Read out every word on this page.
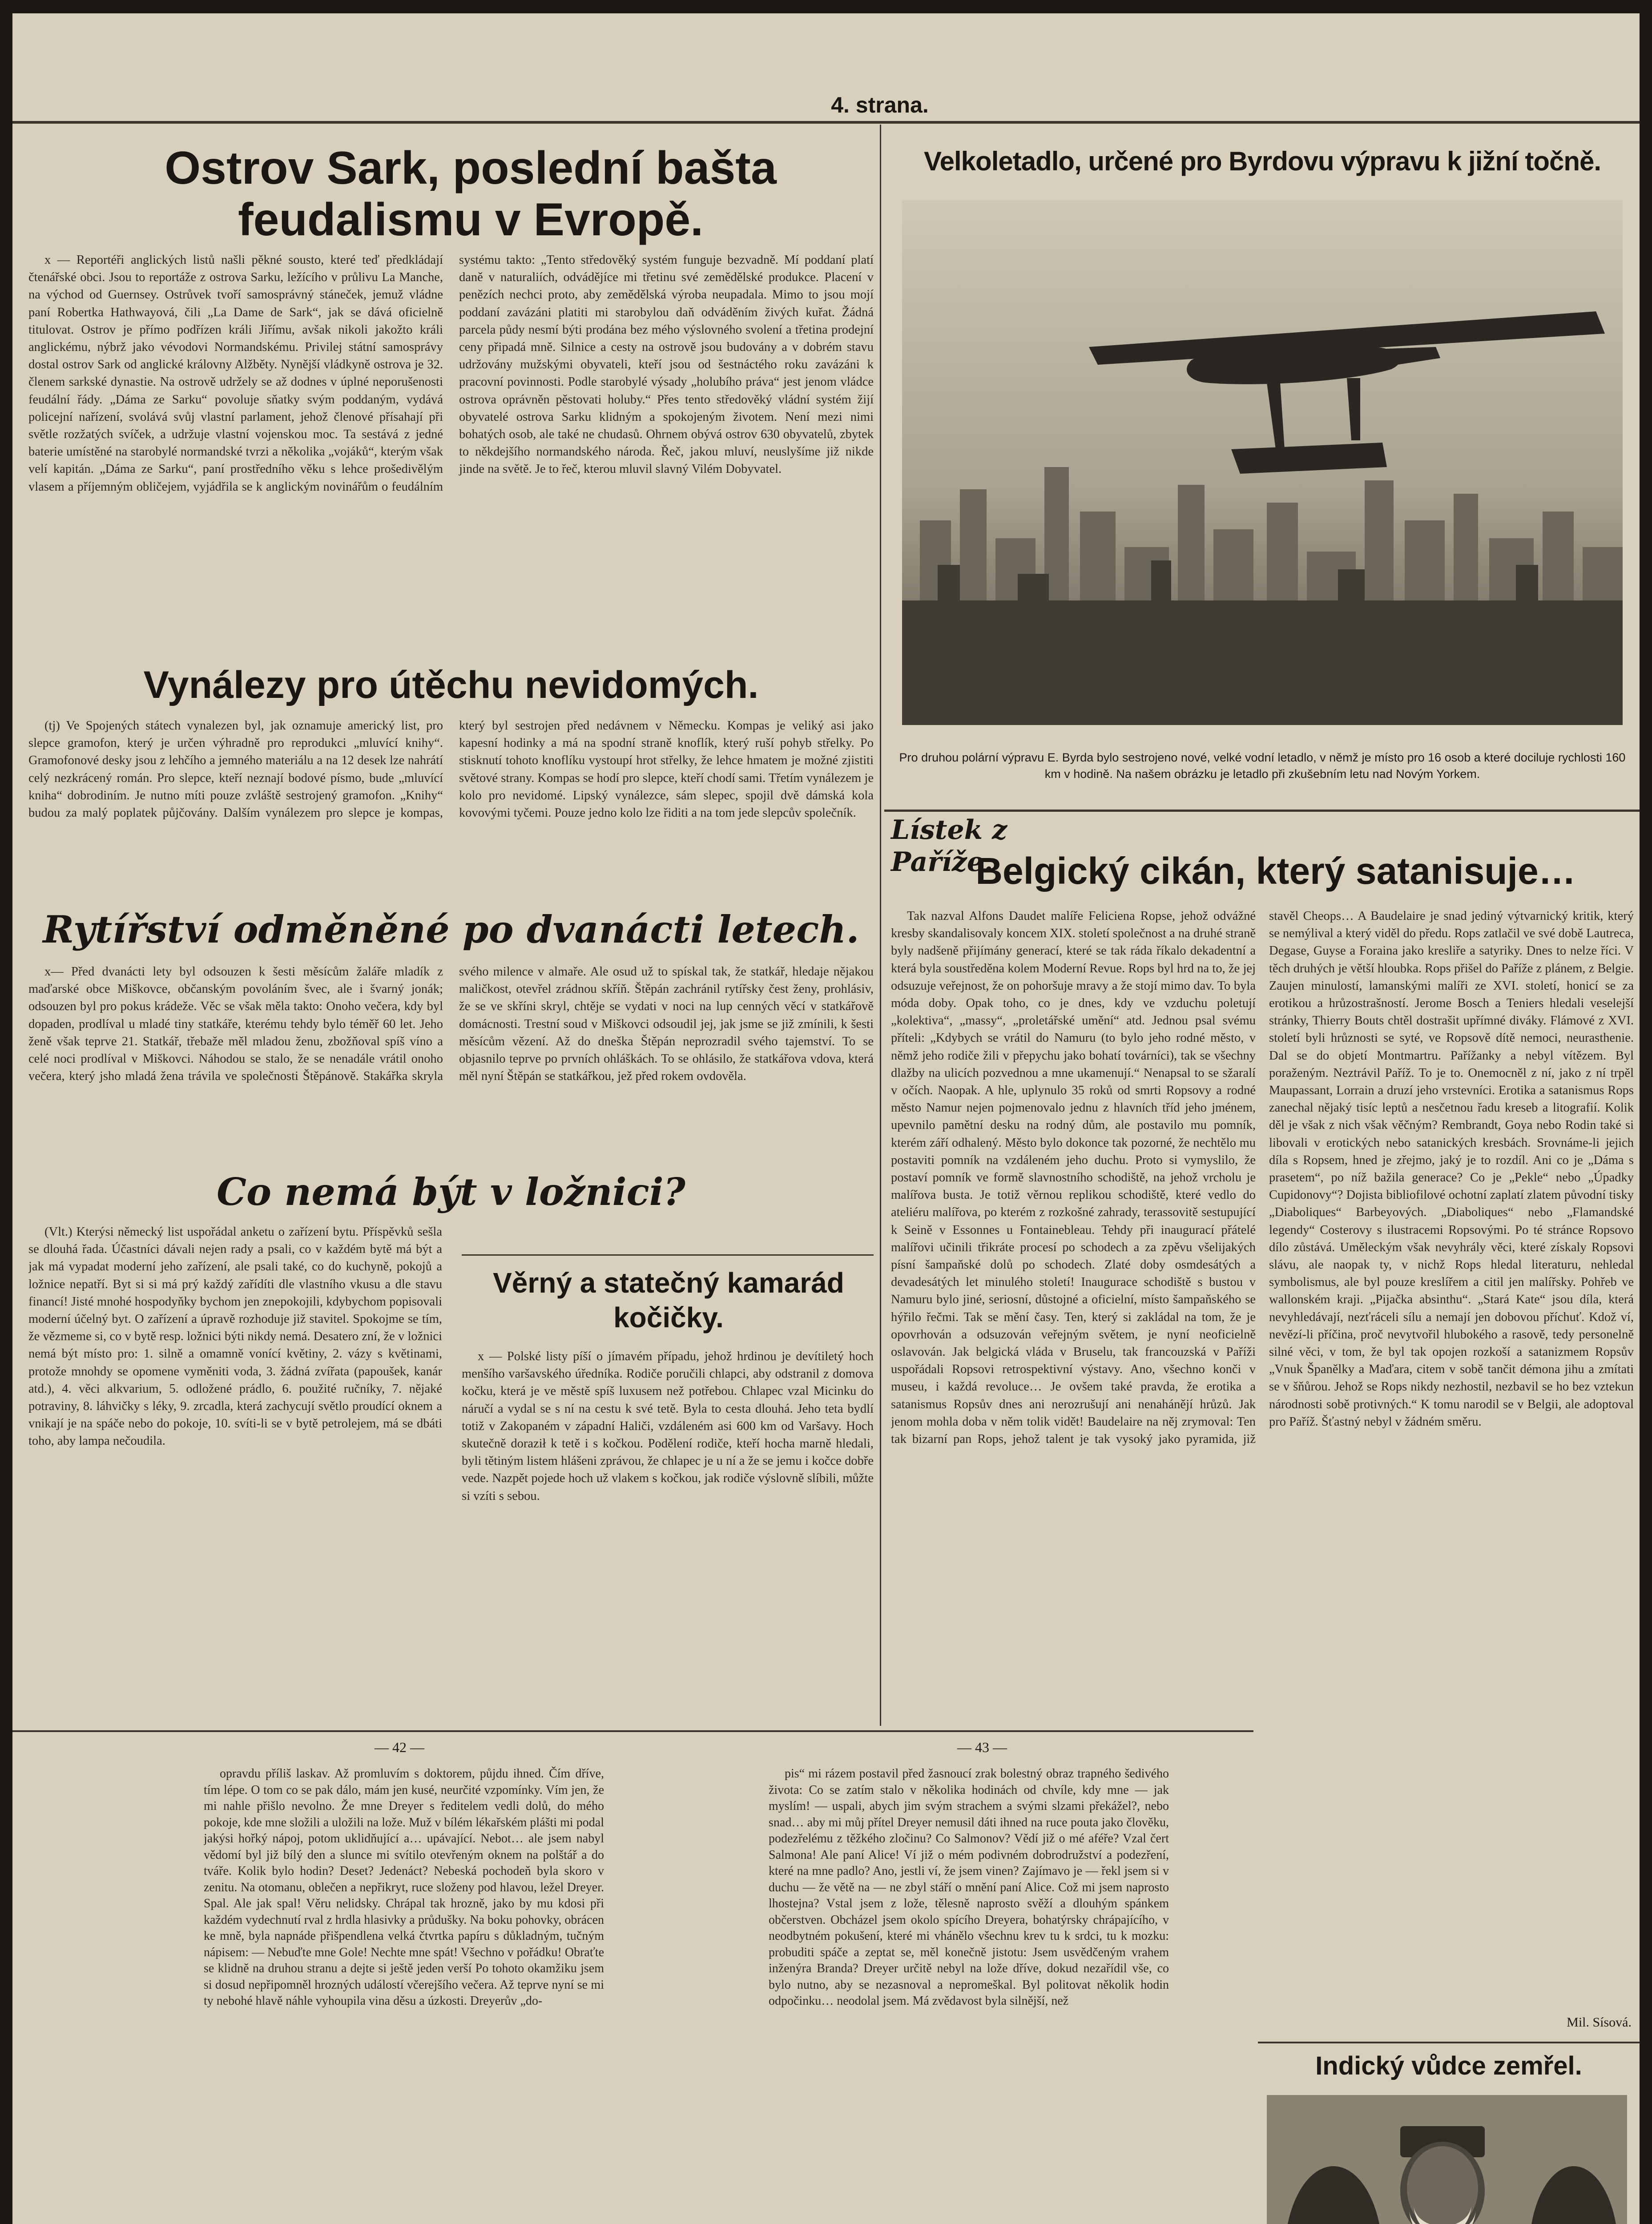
4. strana.
Ostrov Sark, poslední bašta feudalismu v Evropě.

x — Reportéři anglických listů našli pěkné sousto, které teď předkládají čtenářské obci. Jsou to reportáže z ostrova Sarku, ležícího v průlivu La Manche, na východ od Guernsey. Ostrůvek tvoří samosprávný stáneček, jemuž vládne paní Robertka Hathwayová, čili „La Dame de Sark“, jak se dává oficielně titulovat. Ostrov je přímo podřízen králi Jiřímu, avšak nikoli jakožto králi anglickému, nýbrž jako vévodovi Normandskému. Privilej státní samosprávy dostal ostrov Sark od anglické královny Alžběty. Nynější vládkyně ostrova je 32. členem sarkské dynastie. Na ostrově udržely se až dodnes v úplné neporušenosti feudální řády. „Dáma ze Sarku“ povoluje sňatky svým poddaným, vydává policejní nařízení, svolává svůj vlastní parlament, jehož členové přísahají při světle rozžatých svíček, a udržuje vlastní vojenskou moc. Ta sestává z jedné baterie umístěné na starobylé normandské tvrzi a několika „vojáků“, kterým však velí kapitán. „Dáma ze Sarku“, paní prostředního věku s lehce prošedivělým vlasem a příjemným obličejem, vyjádřila se k anglickým novinářům o feudálním systému takto: „Tento středověký systém funguje bezvadně. Mí poddaní platí daně v naturaliích, odvádějíce mi třetinu své zemědělské produkce. Placení v penězích nechci proto, aby zemědělská výroba neupadala. Mimo to jsou mojí poddaní zavázáni platiti mi starobylou daň odváděním živých kuřat. Žádná parcela půdy nesmí býti prodána bez mého výslovného svolení a třetina prodejní ceny připadá mně. Silnice a cesty na ostrově jsou budovány a v dobrém stavu udržovány mužskými obyvateli, kteří jsou od šestnáctého roku zavázáni k pracovní povinnosti. Podle starobylé výsady „holubího práva“ jest jenom vládce ostrova oprávněn pěstovati holuby.“ Přes tento středověký vládní systém žijí obyvatelé ostrova Sarku klidným a spokojeným životem. Není mezi nimi bohatých osob, ale také ne chudasů. Ohrnem obývá ostrov 630 obyvatelů, zbytek to někdejšího normandského národa. Řeč, jakou mluví, neuslyšíme již nikde jinde na světě. Je to řeč, kterou mluvil slavný Vilém Dobyvatel.

Vynálezy pro útěchu nevidomých.

(tj) Ve Spojených státech vynalezen byl, jak oznamuje americký list, pro slepce gramofon, který je určen výhradně pro reprodukci „mluvící knihy“. Gramofonové desky jsou z lehčího a jemného materiálu a na 12 desek lze nahrátí celý nezkrácený román. Pro slepce, kteří neznají bodové písmo, bude „mluvící kniha“ dobrodiním. Je nutno míti pouze zvláště sestrojený gramofon. „Knihy“ budou za malý poplatek půjčovány. Dalším vynálezem pro slepce je kompas, který byl sestrojen před nedávnem v Německu. Kompas je veliký asi jako kapesní hodinky a má na spodní straně knoflík, který ruší pohyb střelky. Po stisknutí tohoto knoflíku vystoupí hrot střelky, že lehce hmatem je možné zjistiti světové strany. Kompas se hodí pro slepce, kteří chodí sami. Třetím vynálezem je kolo pro nevidomé. Lipský vynálezce, sám slepec, spojil dvě dámská kola kovovými tyčemi. Pouze jedno kolo lze řiditi a na tom jede slepcův společník.

Rytířství odměněné po dvanácti letech.

x— Před dvanácti lety byl odsouzen k šesti měsícům žaláře mladík z maďarské obce Miškovce, občanským povoláním švec, ale i švarný jonák; odsouzen byl pro pokus krádeže. Věc se však měla takto: Onoho večera, kdy byl dopaden, prodlíval u mladé tiny statkáře, kterému tehdy bylo téměř 60 let. Jeho ženě však teprve 21. Statkář, třebaže měl mladou ženu, zbožňoval spíš víno a celé noci prodlíval v Miškovci. Náhodou se stalo, že se nenadále vrátil onoho večera, který jsho mladá žena trávila ve společnosti Štěpánově. Stakářka skryla svého milence v almaře. Ale osud už to spískal tak, že statkář, hledaje nějakou maličkost, otevřel zrádnou skříň. Štěpán zachránil rytířsky čest ženy, prohlásiv, že se ve skříni skryl, chtěje se vydati v noci na lup cenných věcí v statkářově domácnosti. Trestní soud v Miškovci odsoudil jej, jak jsme se již zmínili, k šesti měsícům vězení. Až do dneška Štěpán neprozradil svého tajemství. To se objasnilo teprve po prvních ohláškách. To se ohlásilo, že statkářova vdova, která měl nyní Štěpán se statkářkou, jež před rokem ovdověla.

Co nemá být v ložnici?

(Vlt.) Kterýsi německý list uspořádal anketu o zařízení bytu. Příspěvků sešla se dlouhá řada. Účastníci dávali nejen rady a psali, co v každém bytě má být a jak má vypadat moderní jeho zařízení, ale psali také, co do kuchyně, pokojů a ložnice nepatří. Byt si si má prý každý zařídíti dle vlastního vkusu a dle stavu financí! Jisté mnohé hospodyňky bychom jen znepokojili, kdybychom popisovali moderní účelný byt. O zařízení a úpravě rozhoduje již stavitel. Spokojme se tím, že vězmeme si, co v bytě resp. ložnici býti nikdy nemá. Desatero zní, že v ložnici nemá být místo pro: 1. silně a omamně vonící květiny, 2. vázy s květinami, protože mnohdy se opomene vyměniti voda, 3. žádná zvířata (papoušek, kanár atd.), 4. věci alkvarium, 5. odložené prádlo, 6. použité ručníky, 7. nějaké potraviny, 8. láhvičky s léky, 9. zrcadla, která zachycují světlo proudící oknem a vnikají je na spáče nebo do pokoje, 10. svíti-li se v bytě petrolejem, má se dbáti toho, aby lampa nečoudila.

Věrný a statečný kamarád kočičky.

x — Polské listy píší o jímavém případu, jehož hrdinou je devítiletý hoch menšího varšavského úředníka. Rodiče poručili chlapci, aby odstranil z domova kočku, která je ve městě spíš luxusem než potřebou. Chlapec vzal Micinku do náručí a vydal se s ní na cestu k své tetě. Byla to cesta dlouhá. Jeho teta bydlí totiž v Zakopaném v západní Haliči, vzdáleném asi 600 km od Varšavy. Hoch skutečně doraził k tetě i s kočkou. Podělení rodiče, kteří hocha marně hledali, byli tětiným listem hlášeni zprávou, že chlapec je u ní a že se jemu i kočce dobře vede. Nazpět pojede hoch už vlakem s kočkou, jak rodiče výslovně slíbili, můžte si vzíti s sebou.

Velkoletadlo, určené pro Byrdovu výpravu k jižní točně.
Pro druhou polární výpravu E. Byrda bylo sestrojeno nové, velké vodní letadlo, v němž je místo pro 16 osob a které dociluje rychlosti 160 km v hodině. Na našem obrázku je letadlo při zkušebním letu nad Novým Yorkem.
Lístek z Paříže.
Belgický cikán, který satanisuje…

Tak nazval Alfons Daudet malíře Feliciena Ropse, jehož odvážné kresby skandalisovaly koncem XIX. století společnost a na druhé straně byly nadšeně přijímány generací, které se tak ráda říkalo dekadentní a která byla soustředěna kolem Moderní Revue. Rops byl hrd na to, že jej odsuzuje veřejnost, že on pohoršuje mravy a že stojí mimo dav. To byla móda doby. Opak toho, co je dnes, kdy ve vzduchu poletují „kolektiva“, „massy“, „proletářské umění“ atd. Jednou psal svému příteli: „Kdybych se vrátil do Namuru (to bylo jeho rodné město, v němž jeho rodiče žili v přepychu jako bohatí továrníci), tak se všechny dlažby na ulicích pozvednou a mne ukamenují.“ Nenapsal to se sžaralí v očích. Naopak. A hle, uplynulo 35 roků od smrti Ropsovy a rodné město Namur nejen pojmenovalo jednu z hlavních tříd jeho jménem, upevnilo pamětní desku na rodný dům, ale postavilo mu pomník, kterém září odhalený. Město bylo dokonce tak pozorné, že nechtělo mu postaviti pomník na vzdáleném jeho duchu. Proto si vymyslilo, že postaví pomník ve formě slavnostního schodiště, na jehož vrcholu je malířova busta. Je totiž věrnou replikou schodiště, které vedlo do ateliéru malířova, po kterém z rozkošné zahrady, terassovitě sestupující k Seině v Essonnes u Fontainebleau. Tehdy při inaugurací přátelé malířovi učinili třikráte procesí po schodech a za zpěvu všelijakých písní šampaňské dolů po schodech. Zlaté doby osmdesátých a devadesátých let minulého století! Inaugurace schodiště s bustou v Namuru bylo jiné, seriosní, důstojné a oficielní, místo šampaňského se hýřilo řečmi. Tak se mění časy. Ten, který si zakládal na tom, že je opovrhován a odsuzován veřejným světem, je nyní neoficielně oslavován. Jak belgická vláda v Bruselu, tak francouzská v Paříži uspořádali Ropsovi retrospektivní výstavy. Ano, všechno konči v museu, i každá revoluce… Je ovšem také pravda, že erotika a satanismus Ropsův dnes ani nerozrušují ani nenahánějí hrůzů. Jak jenom mohla doba v něm tolik vidět! Baudelaire na něj zrymoval: Ten tak bizarní pan Rops, jehož talent je tak vysoký jako pyramida, již stavěl Cheops… A Baudelaire je snad jediný výtvarnický kritik, který se nemýlival a který viděl do předu. Rops zatlačil ve své době Lautreca, Degase, Guyse a Foraina jako kresliře a satyriky. Dnes to nelze říci. V těch druhých je větší hloubka. Rops přišel do Paříže z plánem, z Belgie. Zaujen minulostí, lamanskými malíři ze XVI. století, honicí se za erotikou a hrůzostrašností. Jerome Bosch a Teniers hledali veselejší stránky, Thierry Bouts chtěl dostrašit upřímné diváky. Flámové z XVI. století byli hrůznosti se syté, ve Ropsově dítě nemoci, neurasthenie. Dal se do objetí Montmartru. Pařížanky a nebyl vítězem. Byl poraženým. Neztrávil Paříž. To je to. Onemocněl z ní, jako z ní trpěl Maupassant, Lorrain a druzí jeho vrstevníci. Erotika a satanismus Rops zanechal nějaký tisíc leptů a nesčetnou řadu kreseb a litografií. Kolik děl je však z nich však věčným? Rembrandt, Goya nebo Rodin také si libovali v erotických nebo satanických kresbách. Srovnáme-li jejich díla s Ropsem, hned je zřejmo, jaký je to rozdíl. Ani co je „Dáma s prasetem“, po níž bažila generace? Co je „Pekle“ nebo „Úpadky Cupidonovy“? Dojista bibliofilové ochotní zaplatí zlatem původní tisky „Diaboliques“ Barbeyových. „Diaboliques“ nebo „Flamandské legendy“ Costerovy s ilustracemi Ropsovými. Po té stránce Ropsovo dílo zůstává. Uměleckým však nevyhrály věci, které získaly Ropsovi slávu, ale naopak ty, v nichž Rops hledal literaturu, nehledal symbolismus, ale byl pouze kreslířem a citil jen malířsky. Pohřeb ve wallonském kraji. „Pijačka absinthu“. „Stará Kate“ jsou díla, která nevyhledávají, nezťráceli sílu a nemají jen dobovou příchuť. Kdož ví, nevězí-li příčina, proč nevytvořil hlubokého a rasově, tedy personelně silné věci, v tom, že byl tak opojen rozkoší a satanizmem Ropsův „Vnuk Španělky a Maďara, citem v sobě tančit démona jihu a zmítati se v šňůrou. Jehož se Rops nikdy nezhostil, nezbavil se ho bez vztekun národnosti sobě protivných.“ K tomu narodil se v Belgii, ale adoptoval pro Paříž. Šťastný nebyl v žádném směru.

Mil. Sísová.
Indický vůdce zemřel.
— 42 —	— 43 —

opravdu příliš laskav. Až promluvím s doktorem, půjdu ihned. Čím dříve, tím lépe. O tom co se pak dálo, mám jen kusé, neurčité vzpomínky. Vím jen, že mi nahle přišlo nevolno. Že mne Dreyer s ředitelem vedli dolů, do mého pokoje, kde mne složili a uložili na lože. Muž v bílém lékařském plášti mi podal jakýsi hořký nápoj, potom uklidňující a… upávající. Nebot… ale jsem nabyl vědomí byl již bílý den a slunce mi svítilo otevřeným oknem na polštář a do tváře. Kolik bylo hodin? Deset? Jedenáct? Nebeská pochodeň byla skoro v zenitu. Na otomanu, oblečen a nepřikryt, ruce složeny pod hlavou, ležel Dreyer. Spal. Ale jak spal! Věru nelidsky. Chrápal tak hrozně, jako by mu kdosi při každém vydechnutí rval z hrdla hlasivky a průdušky. Na boku pohovky, obrácen ke mně, byla napnáde přišpendlena velká čtvrtka papíru s důkladným, tučným nápisem: — Nebuďte mne Gole! Nechte mne spát! Všechno v pořádku! Obraťte se klidně na druhou stranu a dejte si ještě jeden verší Po tohoto okamžiku jsem si dosud nepřipomněl hrozných událostí včerejšího večera. Až teprve nyní se mi ty nebohé hlavě náhle vyhoupila vina děsu a úzkosti. Dreyerův „do-

pis“ mi rázem postavil před žasnoucí zrak bolestný obraz trapného šedivého života: Co se zatím stalo v několika hodinách od chvíle, kdy mne — jak myslím! — uspali, abych jim svým strachem a svými slzami překážel?, nebo snad… aby mi můj přítel Dreyer nemusil dáti ihned na ruce pouta jako člověku, podezřelému z těžkého zločinu? Co Salmonov? Vědí již o mé aféře? Vzal čert Salmona! Ale paní Alice! Ví již o mém podivném dobrodružství a podezření, které na mne padlo? Ano, jestli ví, že jsem vinen? Zajímavo je — řekl jsem si v duchu — že větě na — ne zbyl stáří o mnění paní Alice. Což mi jsem naprosto lhostejna? Vstal jsem z lože, tělesně naprosto svěží a dlouhým spánkem občerstven. Obcházel jsem okolo spícího Dreyera, bohatýrsky chrápajícího, v neodbytném pokušení, které mi vhánělo všechnu krev tu k srdci, tu k mozku: probuditi spáče a zeptat se, měl konečně jistotu: Jsem usvědčeným vrahem inženýra Branda? Dreyer určitě nebyl na lože dříve, dokud nezařídil vše, co bylo nutno, aby se nezasnoval a nepromeškal. Byl politovat několik hodin odpočinku… neodolal jsem. Má zvědavost byla silnější, než
